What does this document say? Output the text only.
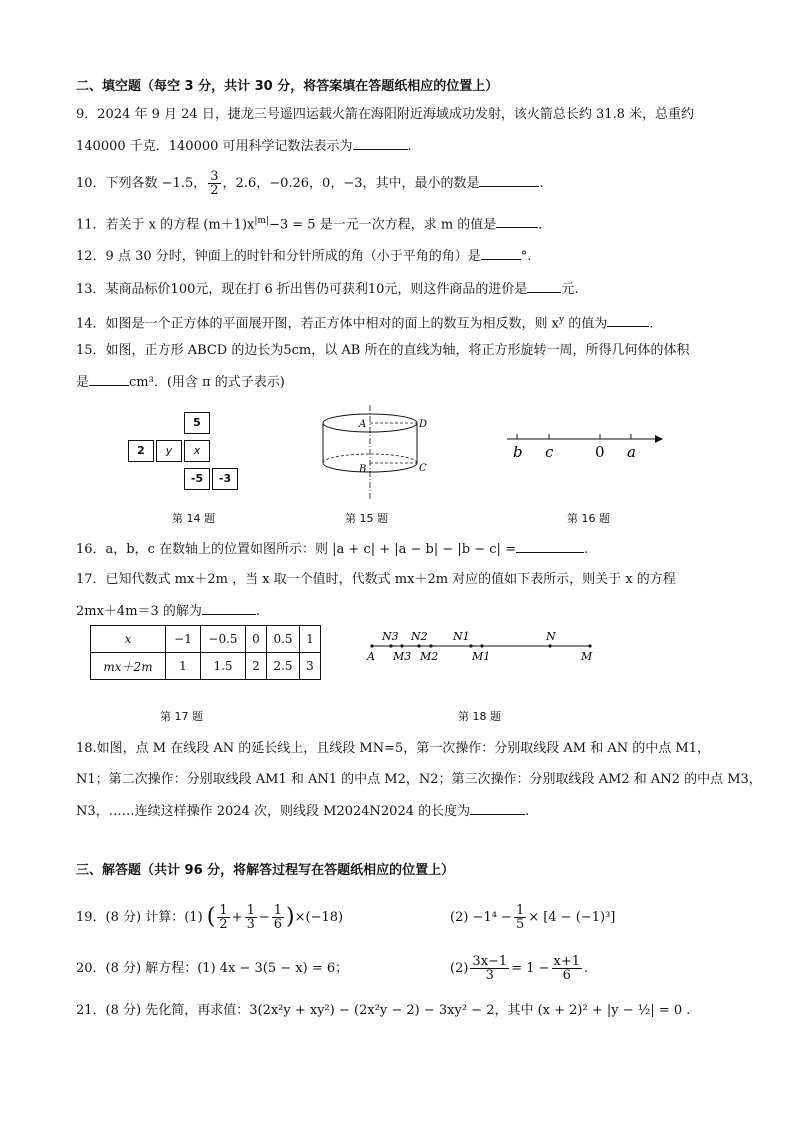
二、填空题（每空 3 分，共计 30 分，将答案填在答题纸相应的位置上）
9．2024 年 9 月 24 日，捷龙三号遥四运载火箭在海阳附近海域成功发射，该火箭总长约 31.8 米，总重约
140000 千克．140000 可用科学记数法表示为	.
10．下列各数 −1.5， $\frac{3}{2}$ ，2.6，−0.26，0，−3，其中，最小的数是	.
11．若关于 x 的方程 $(m+1)x^{|m|}-3 = 5$ 是一元一次方程，求 m 的值是	.
12．9 点 30 分时，钟面上的时针和分针所成的角（小于平角的角）是	°.
13．某商品标价100元，现在打 6 折出售仍可获利10元，则这件商品的进价是	元.
14．如图是一个正方体的平面展开图，若正方体中相对的面上的数互为相反数，则 $x^y$ 的值为	.
15．如图，正方形 ABCD 的边长为5cm，以 AB 所在的直线为轴，将正方形旋转一周，所得几何体的体积
是	cm³．(用含 π 的式子表示)
5
2	y	x
-5	-3
第 14 题
A	D
B	C
第 15 题
b c	0 a
第 16 题
16．a，b，c 在数轴上的位置如图所示：则 |a + c| + |a − b| − |b − c| =	.
17．已知代数式 mx＋2m ，当 x 取一个值时，代数式 mx＋2m 对应的值如下表所示，则关于 x 的方程
2mx＋4m＝3 的解为	.
x	−1	−0.5	0	0.5	1
mx＋2m	1	1.5	2	2.5	3
第 17 题
N3 N2 N1	N
A M3 M2	M1	M
第 18 题
18.如图，点 M 在线段 AN 的延长线上，且线段 MN=5，第一次操作：分别取线段 AM 和 AN 的中点 M1，
N1；第二次操作：分别取线段 AM1 和 AN1 的中点 M2，N2；第三次操作：分别取线段 AM2 和 AN2 的中点 M3，
N3，……连续这样操作 2024 次，则线段 M2024N2024 的长度为	.
三、解答题（共计 96 分，将解答过程写在答题纸相应的位置上）
19．(8 分) 计算：(1) ( $\frac{1}{2} + \frac{1}{3} - \frac{1}{6} )\times(-18)$	$(2) -1^4 - \frac{1}{5} \times [4 - (-1)^3]$
20．(8 分) 解方程：(1) 4x − 3(5 − x) = 6；	$(2) \frac{3x-1}{3} = 1 - \frac{x+1}{6}$ .
21．(8 分) 先化简，再求值：3(2x²y + xy²) − (2x²y − 2) − 3xy² − 2，其中 (x + 2)² + |y − ½| = 0 .
